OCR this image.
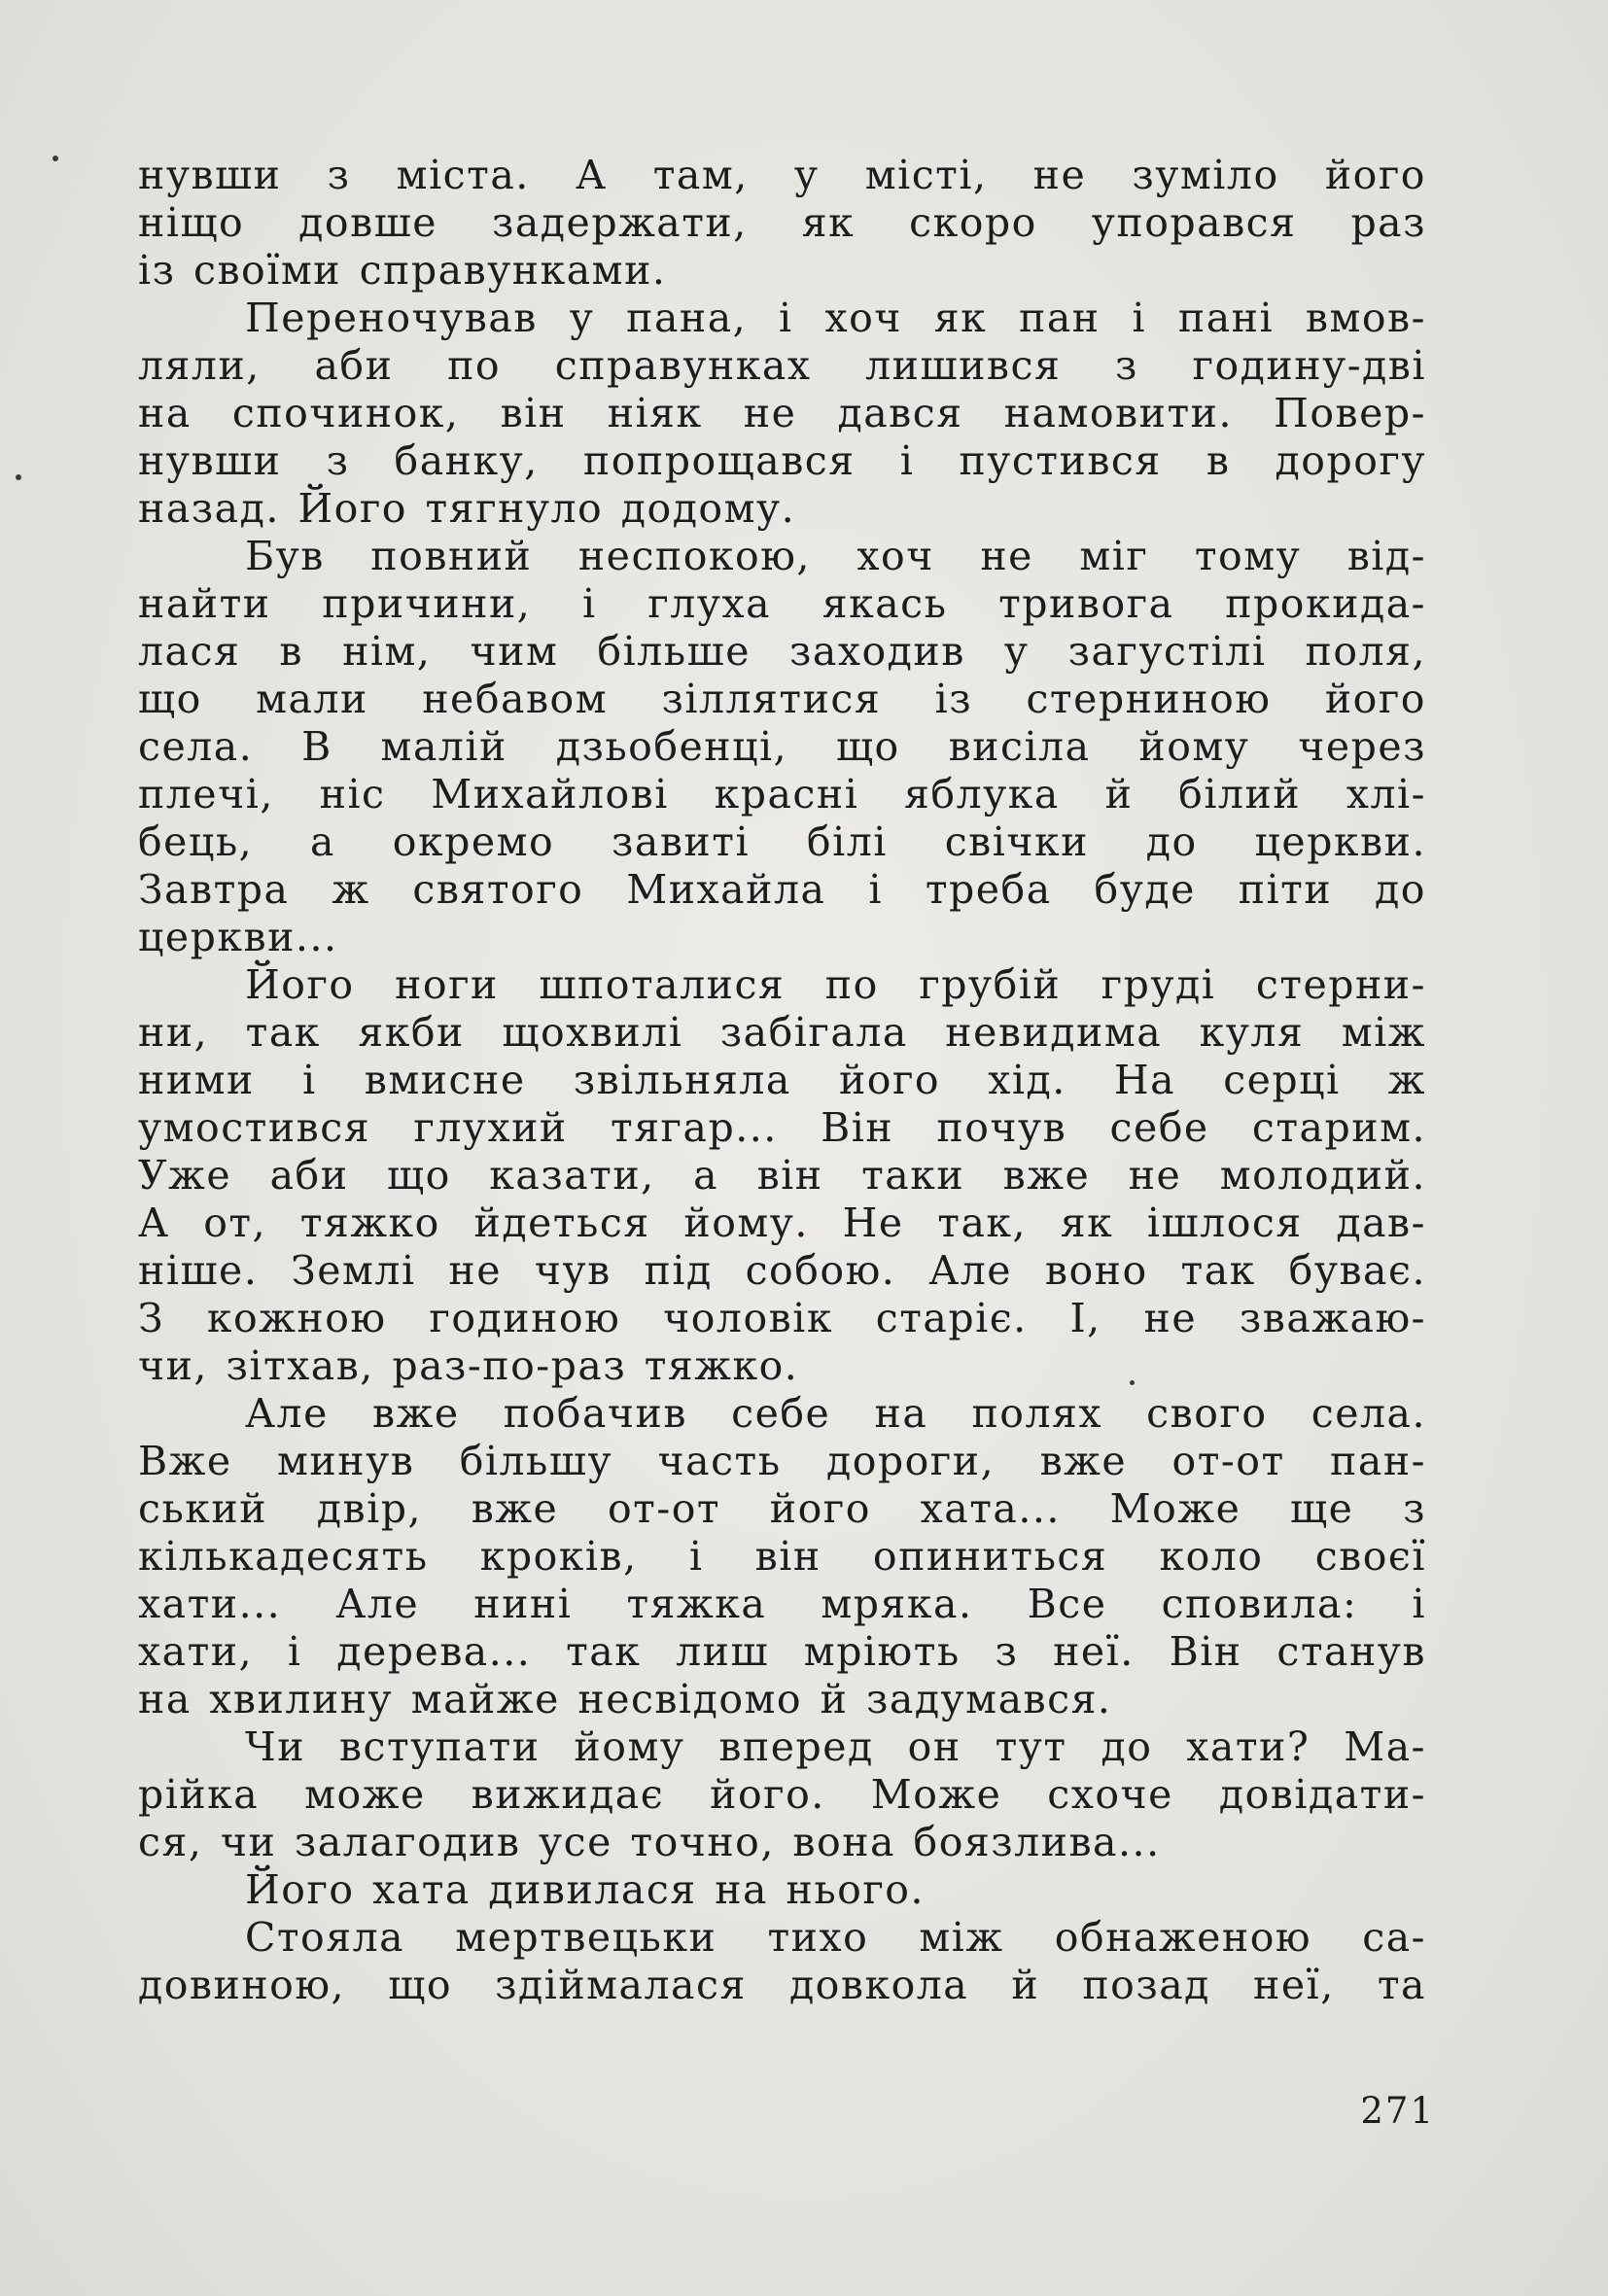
нувши з міста. А там, у місті, не зуміло його
ніщо довше задержати, як скоро упорався раз
із своїми справунками.
Переночував у пана, і хоч як пан і пані вмов-
ляли, аби по справунках лишився з годину-дві
на спочинок, він ніяк не дався намовити. Повер-
нувши з банку, попрощався і пустився в дорогу
назад. Його тягнуло додому.
Був повний неспокою, хоч не міг тому від-
найти причини, і глуха якась тривога прокида-
лася в нім, чим більше заходив у загустілі поля,
що мали небавом зіллятися із стерниною його
села. В малій дзьобенці, що висіла йому через
плечі, ніс Михайлові красні яблука й білий хлі-
бець, а окремо завиті білі свічки до церкви.
Завтра ж святого Михайла і треба буде піти до
церкви...
Його ноги шпоталися по грубій груді стерни-
ни, так якби щохвилі забігала невидима куля між
ними і вмисне звільняла його хід. На серці ж
умостився глухий тягар... Він почув себе старим.
Уже аби що казати, а він таки вже не молодий.
А от, тяжко йдеться йому. Не так, як ішлося дав-
ніше. Землі не чув під собою. Але воно так буває.
З кожною годиною чоловік старіє. І, не зважаю-
чи, зітхав, раз-по-раз тяжко.
Але вже побачив себе на полях свого села.
Вже минув більшу часть дороги, вже от-от пан-
ський двір, вже от-от його хата... Може ще з
кількадесять кроків, і він опиниться коло своєї
хати... Але нині тяжка мряка. Все сповила: і
хати, і дерева... так лиш мріють з неї. Він станув
на хвилину майже несвідомо й задумався.
Чи вступати йому вперед он тут до хати? Ма-
рійка може вижидає його. Може схоче довідати-
ся, чи залагодив усе точно, вона боязлива...
Його хата дивилася на нього.
Стояла мертвецьки тихо між обнаженою са-
довиною, що здіймалася довкола й позад неї, та
271
